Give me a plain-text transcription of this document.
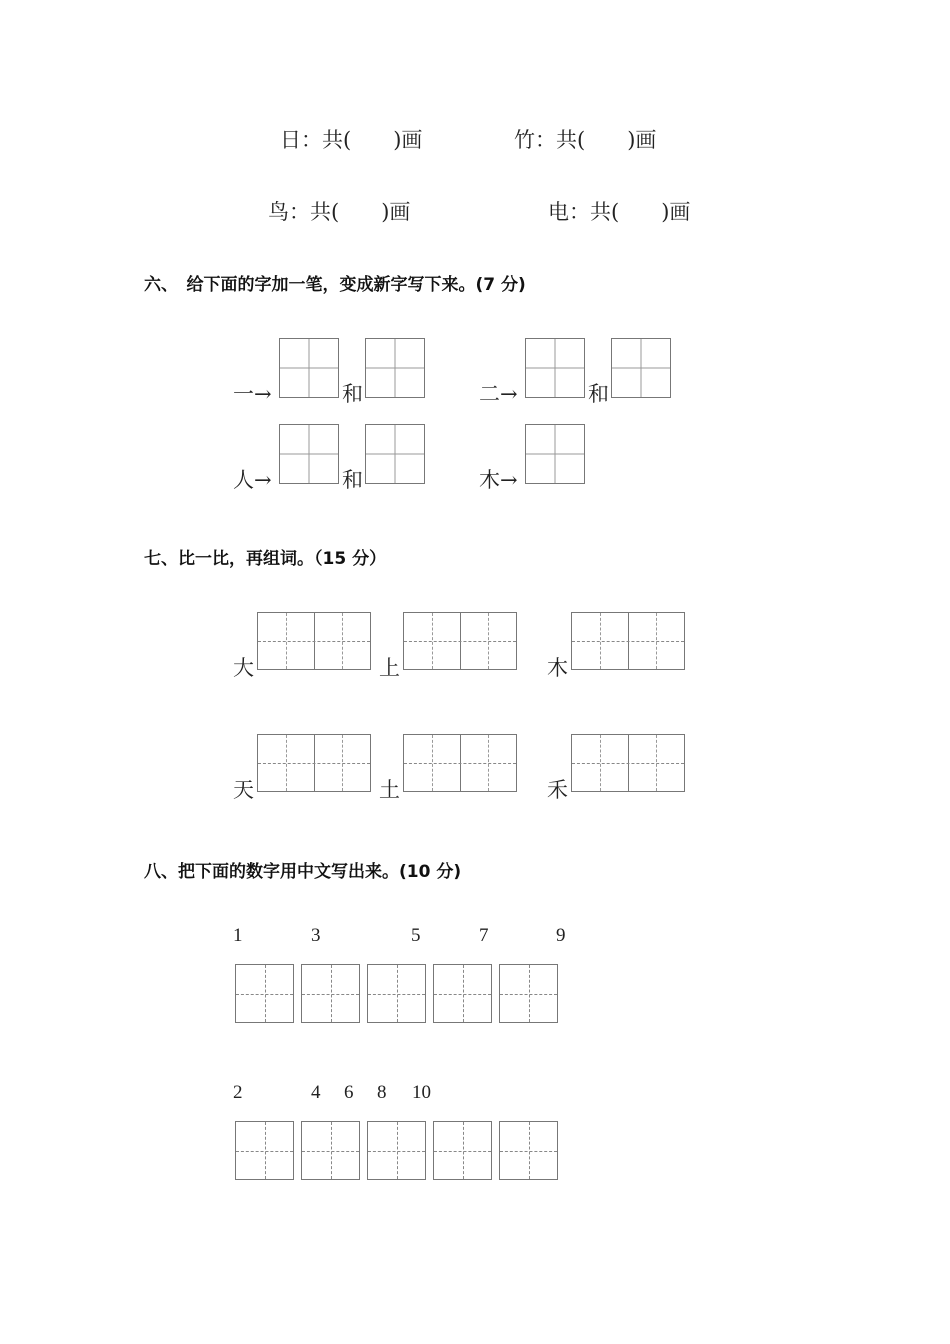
日：共(　　)画	竹：共(　　)画
鸟：共(　　)画	电：共(　　)画
六、　给下面的字加一笔，变成新字写下来。(7 分)
一→	和	二→	和
人→	和	木→
七、比一比，再组词。（15 分）
大	上	木
天	土	禾
八、把下面的数字用中文写出来。(10 分)
1	3	5	7	9
2	4 6 8 10
